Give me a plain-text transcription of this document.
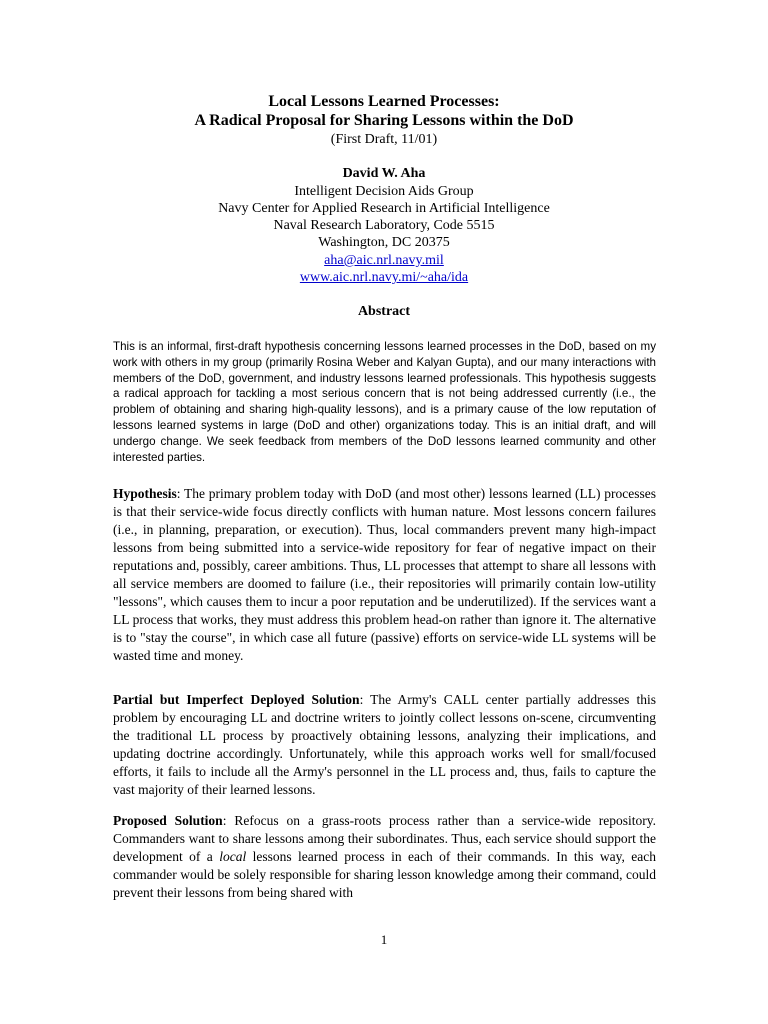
Local Lessons Learned Processes:
A Radical Proposal for Sharing Lessons within the DoD
(First Draft, 11/01)
David W. Aha
Intelligent Decision Aids Group
Navy Center for Applied Research in Artificial Intelligence
Naval Research Laboratory, Code 5515
Washington, DC 20375
aha@aic.nrl.navy.mil
www.aic.nrl.navy.mi/~aha/ida
Abstract
This is an informal, first-draft hypothesis concerning lessons learned processes in the DoD, based on my work with others in my group (primarily Rosina Weber and Kalyan Gupta), and our many interactions with members of the DoD, government, and industry lessons learned professionals. This hypothesis suggests a radical approach for tackling a most serious concern that is not being addressed currently (i.e., the problem of obtaining and sharing high-quality lessons), and is a primary cause of the low reputation of lessons learned systems in large (DoD and other) organizations today. This is an initial draft, and will undergo change. We seek feedback from members of the DoD lessons learned community and other interested parties.
Hypothesis: The primary problem today with DoD (and most other) lessons learned (LL) processes is that their service-wide focus directly conflicts with human nature. Most lessons concern failures (i.e., in planning, preparation, or execution). Thus, local commanders prevent many high-impact lessons from being submitted into a service-wide repository for fear of negative impact on their reputations and, possibly, career ambitions. Thus, LL processes that attempt to share all lessons with all service members are doomed to failure (i.e., their repositories will primarily contain low-utility "lessons", which causes them to incur a poor reputation and be underutilized). If the services want a LL process that works, they must address this problem head-on rather than ignore it. The alternative is to "stay the course", in which case all future (passive) efforts on service-wide LL systems will be wasted time and money.
Partial but Imperfect Deployed Solution: The Army's CALL center partially addresses this problem by encouraging LL and doctrine writers to jointly collect lessons on-scene, circumventing the traditional LL process by proactively obtaining lessons, analyzing their implications, and updating doctrine accordingly. Unfortunately, while this approach works well for small/focused efforts, it fails to include all the Army's personnel in the LL process and, thus, fails to capture the vast majority of their learned lessons.
Proposed Solution: Refocus on a grass-roots process rather than a service-wide repository. Commanders want to share lessons among their subordinates. Thus, each service should support the development of a local lessons learned process in each of their commands. In this way, each commander would be solely responsible for sharing lesson knowledge among their command, could prevent their lessons from being shared with
1
